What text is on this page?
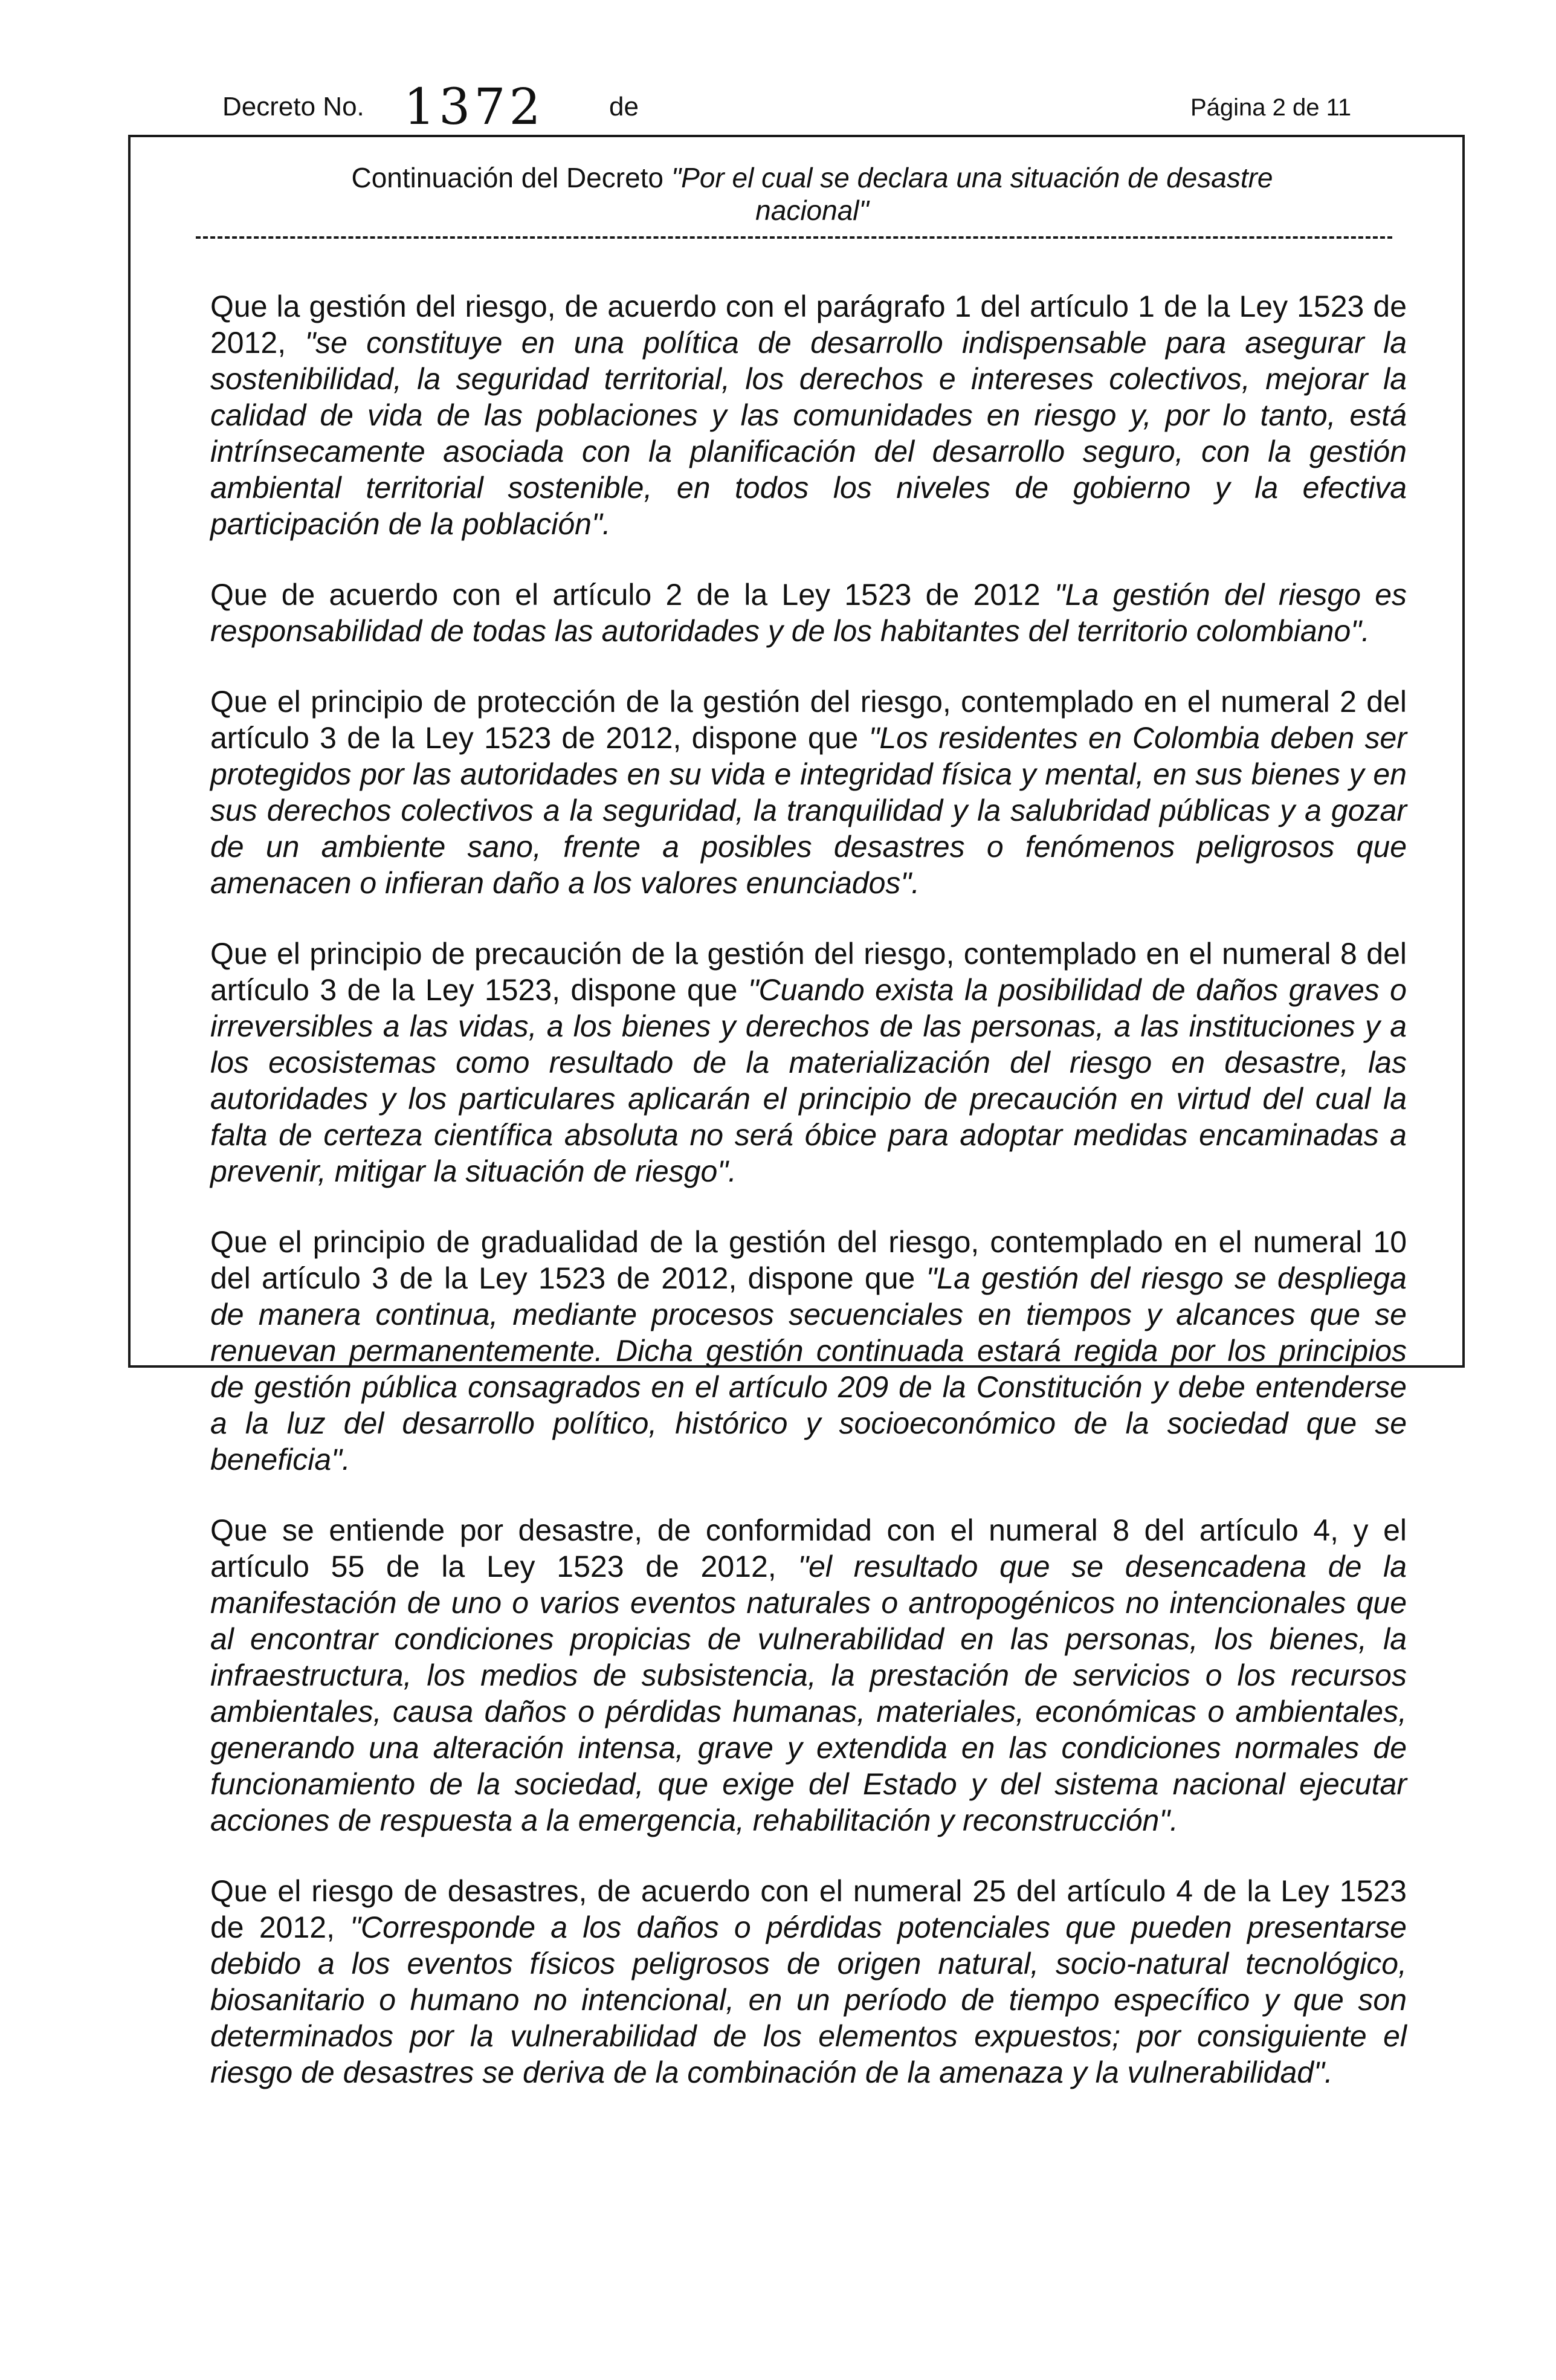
Decreto No. 1372 de	Página 2 de 11
Continuación del Decreto "Por el cual se declara una situación de desastre nacional"

Que la gestión del riesgo, de acuerdo con el parágrafo 1 del artículo 1 de la Ley 1523 de 2012, "se constituye en una política de desarrollo indispensable para asegurar la sostenibilidad, la seguridad territorial, los derechos e intereses colectivos, mejorar la calidad de vida de las poblaciones y las comunidades en riesgo y, por lo tanto, está intrínsecamente asociada con la planificación del desarrollo seguro, con la gestión ambiental territorial sostenible, en todos los niveles de gobierno y la efectiva participación de la población".

Que de acuerdo con el artículo 2 de la Ley 1523 de 2012 "La gestión del riesgo es responsabilidad de todas las autoridades y de los habitantes del territorio colombiano".

Que el principio de protección de la gestión del riesgo, contemplado en el numeral 2 del artículo 3 de la Ley 1523 de 2012, dispone que "Los residentes en Colombia deben ser protegidos por las autoridades en su vida e integridad física y mental, en sus bienes y en sus derechos colectivos a la seguridad, la tranquilidad y la salubridad públicas y a gozar de un ambiente sano, frente a posibles desastres o fenómenos peligrosos que amenacen o infieran daño a los valores enunciados".

Que el principio de precaución de la gestión del riesgo, contemplado en el numeral 8 del artículo 3 de la Ley 1523, dispone que "Cuando exista la posibilidad de daños graves o irreversibles a las vidas, a los bienes y derechos de las personas, a las instituciones y a los ecosistemas como resultado de la materialización del riesgo en desastre, las autoridades y los particulares aplicarán el principio de precaución en virtud del cual la falta de certeza científica absoluta no será óbice para adoptar medidas encaminadas a prevenir, mitigar la situación de riesgo".

Que el principio de gradualidad de la gestión del riesgo, contemplado en el numeral 10 del artículo 3 de la Ley 1523 de 2012, dispone que "La gestión del riesgo se despliega de manera continua, mediante procesos secuenciales en tiempos y alcances que se renuevan permanentemente. Dicha gestión continuada estará regida por los principios de gestión pública consagrados en el artículo 209 de la Constitución y debe entenderse a la luz del desarrollo político, histórico y socioeconómico de la sociedad que se beneficia".

Que se entiende por desastre, de conformidad con el numeral 8 del artículo 4, y el artículo 55 de la Ley 1523 de 2012, "el resultado que se desencadena de la manifestación de uno o varios eventos naturales o antropogénicos no intencionales que al encontrar condiciones propicias de vulnerabilidad en las personas, los bienes, la infraestructura, los medios de subsistencia, la prestación de servicios o los recursos ambientales, causa daños o pérdidas humanas, materiales, económicas o ambientales, generando una alteración intensa, grave y extendida en las condiciones normales de funcionamiento de la sociedad, que exige del Estado y del sistema nacional ejecutar acciones de respuesta a la emergencia, rehabilitación y reconstrucción".

Que el riesgo de desastres, de acuerdo con el numeral 25 del artículo 4 de la Ley 1523 de 2012, "Corresponde a los daños o pérdidas potenciales que pueden presentarse debido a los eventos físicos peligrosos de origen natural, socio-natural tecnológico, biosanitario o humano no intencional, en un período de tiempo específico y que son determinados por la vulnerabilidad de los elementos expuestos; por consiguiente el riesgo de desastres se deriva de la combinación de la amenaza y la vulnerabilidad".
